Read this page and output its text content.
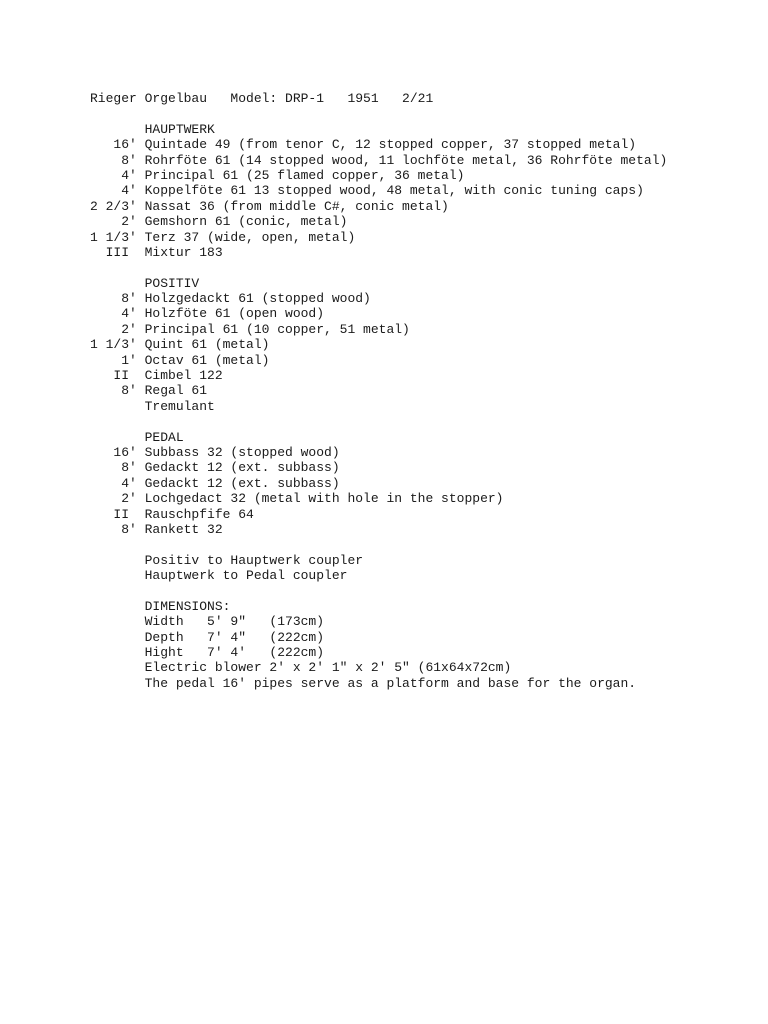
Rieger Orgelbau   Model: DRP-1   1951   2/21
HAUPTWERK
16' Quintade 49 (from tenor C, 12 stopped copper, 37 stopped metal)
8' Rohrföte 61 (14 stopped wood, 11 lochföte metal, 36 Rohrföte metal)
4' Principal 61 (25 flamed copper, 36 metal)
4' Koppelföte 61 13 stopped wood, 48 metal, with conic tuning caps)
2 2/3' Nassat 36 (from middle C#, conic metal)
2' Gemshorn 61 (conic, metal)
1 1/3' Terz 37 (wide, open, metal)
III  Mixtur 183
POSITIV
8' Holzgedackt 61 (stopped wood)
4' Holzföte 61 (open wood)
2' Principal 61 (10 copper, 51 metal)
1 1/3' Quint 61 (metal)
1' Octav 61 (metal)
II  Cimbel 122
8' Regal 61
Tremulant
PEDAL
16' Subbass 32 (stopped wood)
8' Gedackt 12 (ext. subbass)
4' Gedackt 12 (ext. subbass)
2' Lochgedact 32 (metal with hole in the stopper)
II  Rauschpfife 64
8' Rankett 32
Positiv to Hauptwerk coupler
Hauptwerk to Pedal coupler
DIMENSIONS:
Width   5' 9"   (173cm)
Depth   7' 4"   (222cm)
Hight   7' 4'   (222cm)
Electric blower 2' x 2' 1" x 2' 5" (61x64x72cm)
The pedal 16' pipes serve as a platform and base for the organ.
